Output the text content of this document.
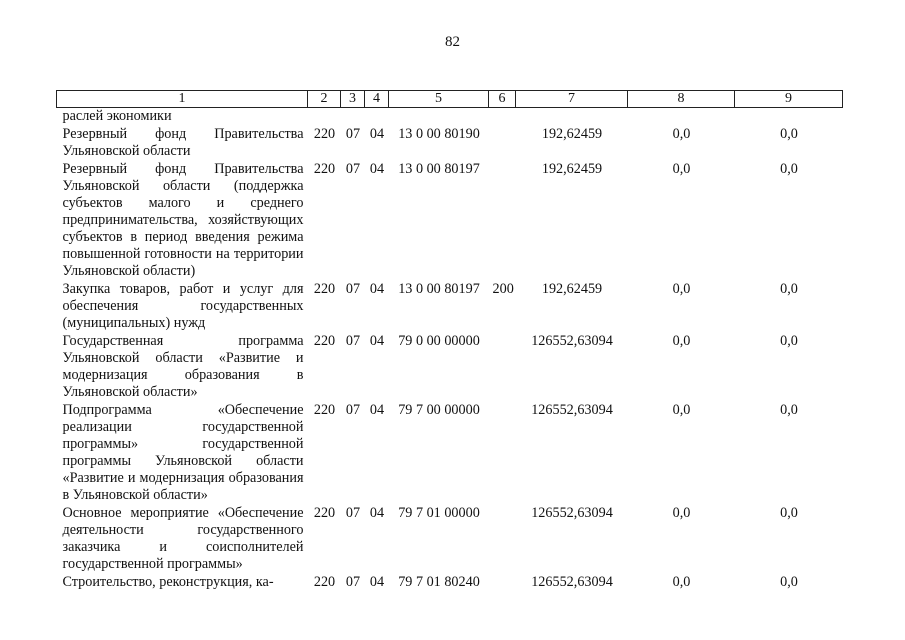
82
1	2	3	4	5	6	7	8	9
раслей экономики								
Резервный фонд Правительства Ульяновской области	220	07	04	13 0 00 80190		192,62459	0,0	0,0
Резервный фонд Правительства Ульяновской области (поддержка субъектов малого и среднего предпринимательства, хозяйствующих субъектов в период введения режима повышенной готовности на территории Ульяновской области)	220	07	04	13 0 00 80197		192,62459	0,0	0,0
Закупка товаров, работ и услуг для обеспечения государственных (муниципальных) нужд	220	07	04	13 0 00 80197	200	192,62459	0,0	0,0
Государственная программа Ульяновской области «Развитие и модернизация образования в Ульяновской области»	220	07	04	79 0 00 00000		126552,63094	0,0	0,0
Подпрограмма «Обеспечение реализации государственной программы» государственной программы Ульяновской области «Развитие и модернизация образования в Ульяновской области»	220	07	04	79 7 00 00000		126552,63094	0,0	0,0
Основное мероприятие «Обеспечение деятельности государственного заказчика и соисполнителей государственной программы»	220	07	04	79 7 01 00000		126552,63094	0,0	0,0
Строительство, реконструкция, ка-	220	07	04	79 7 01 80240		126552,63094	0,0	0,0
